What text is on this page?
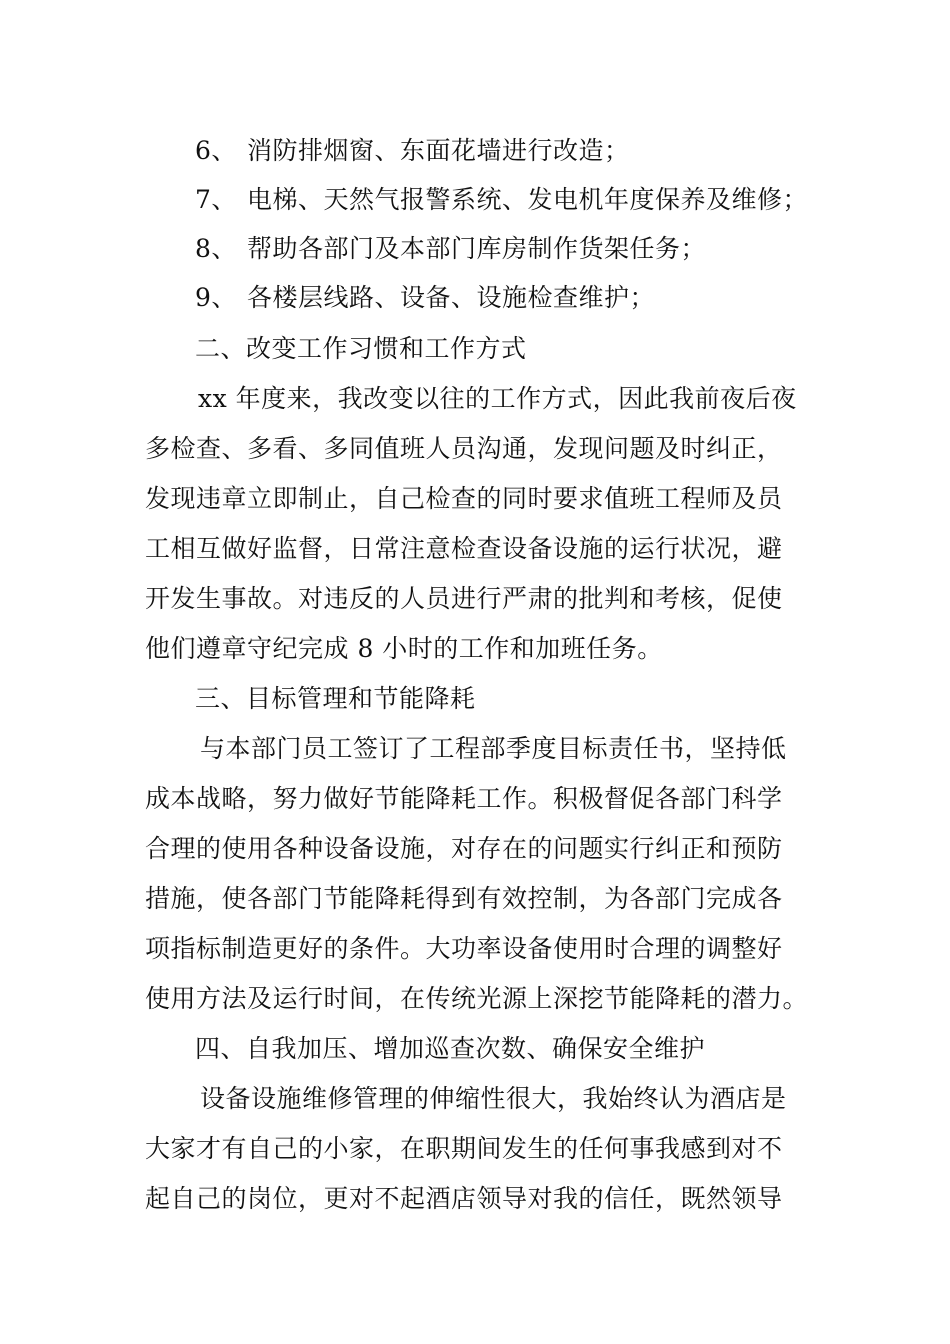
6、 消防排烟窗、东面花墙进行改造；
7、 电梯、天然气报警系统、发电机年度保养及维修；
8、 帮助各部门及本部门库房制作货架任务；
9、 各楼层线路、设备、设施检查维护；
二、改变工作习惯和工作方式
xx 年度来，我改变以往的工作方式，因此我前夜后夜
多检查、多看、多同值班人员沟通，发现问题及时纠正，
发现违章立即制止，自己检查的同时要求值班工程师及员
工相互做好监督，日常注意检查设备设施的运行状况，避
开发生事故。对违反的人员进行严肃的批判和考核，促使
他们遵章守纪完成 8 小时的工作和加班任务。
三、目标管理和节能降耗
与本部门员工签订了工程部季度目标责任书，坚持低
成本战略，努力做好节能降耗工作。积极督促各部门科学
合理的使用各种设备设施，对存在的问题实行纠正和预防
措施，使各部门节能降耗得到有效控制，为各部门完成各
项指标制造更好的条件。大功率设备使用时合理的调整好
使用方法及运行时间，在传统光源上深挖节能降耗的潜力。
四、自我加压、增加巡查次数、确保安全维护
设备设施维修管理的伸缩性很大，我始终认为酒店是
大家才有自己的小家，在职期间发生的任何事我感到对不
起自己的岗位，更对不起酒店领导对我的信任，既然领导
